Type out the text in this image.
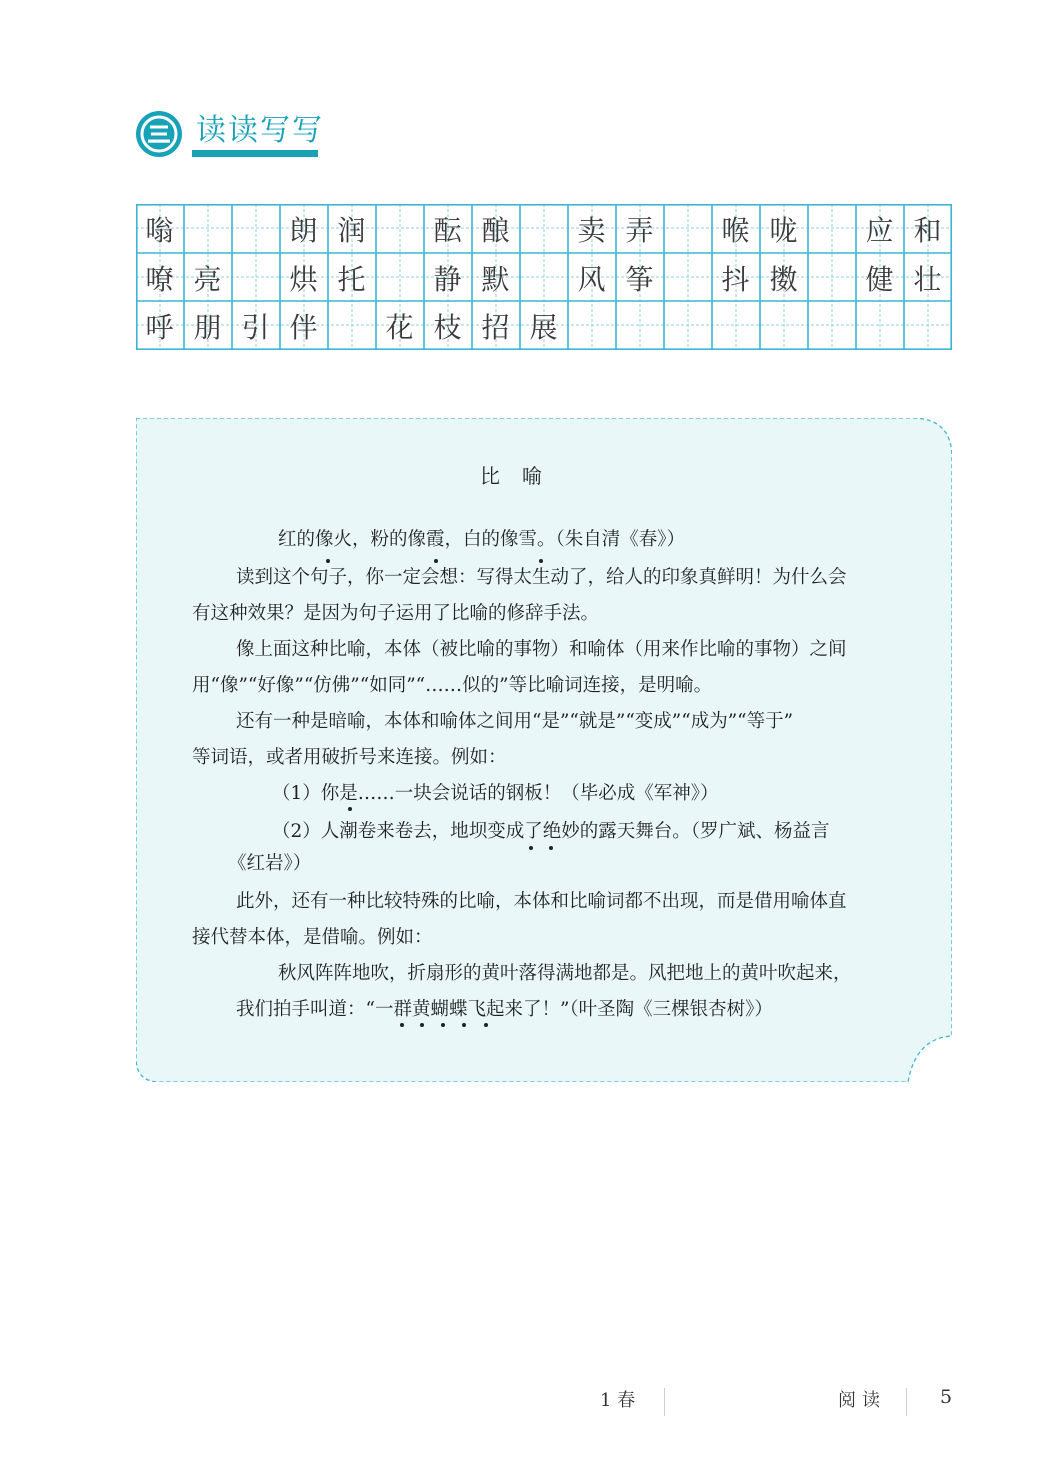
读读写写
嗡	朗 润	酝 酿	卖 弄	喉 咙	应 和
嘹 亮	烘 托	静 默	风 筝	抖 擞	健 壮
呼 朋 引 伴	花 枝 招 展
比喻
红的像火，粉的像霞，白的像雪。（朱自清《春》）
读到这个句子，你一定会想：写得太生动了，给人的印象真鲜明！为什么会
有这种效果？是因为句子运用了比喻的修辞手法。
像上面这种比喻，本体（被比喻的事物）和喻体（用来作比喻的事物）之间
用“像”“好像”“仿佛”“如同”“……似的”等比喻词连接，是明喻。
还有一种是暗喻，本体和喻体之间用“是”“就是”“变成”“成为”“等于”
等词语，或者用破折号来连接。例如：
（1）你是……一块会说话的钢板！（毕必成《军神》）
（2）人潮卷来卷去，地坝变成了绝妙的露天舞台。（罗广斌、杨益言
《红岩》）
此外，还有一种比较特殊的比喻，本体和比喻词都不出现，而是借用喻体直
接代替本体，是借喻。例如：
秋风阵阵地吹，折扇形的黄叶落得满地都是。风把地上的黄叶吹起来，
我们拍手叫道：“一群黄蝴蝶飞起来了！”（叶圣陶《三棵银杏树》）
1 春	阅读	5
